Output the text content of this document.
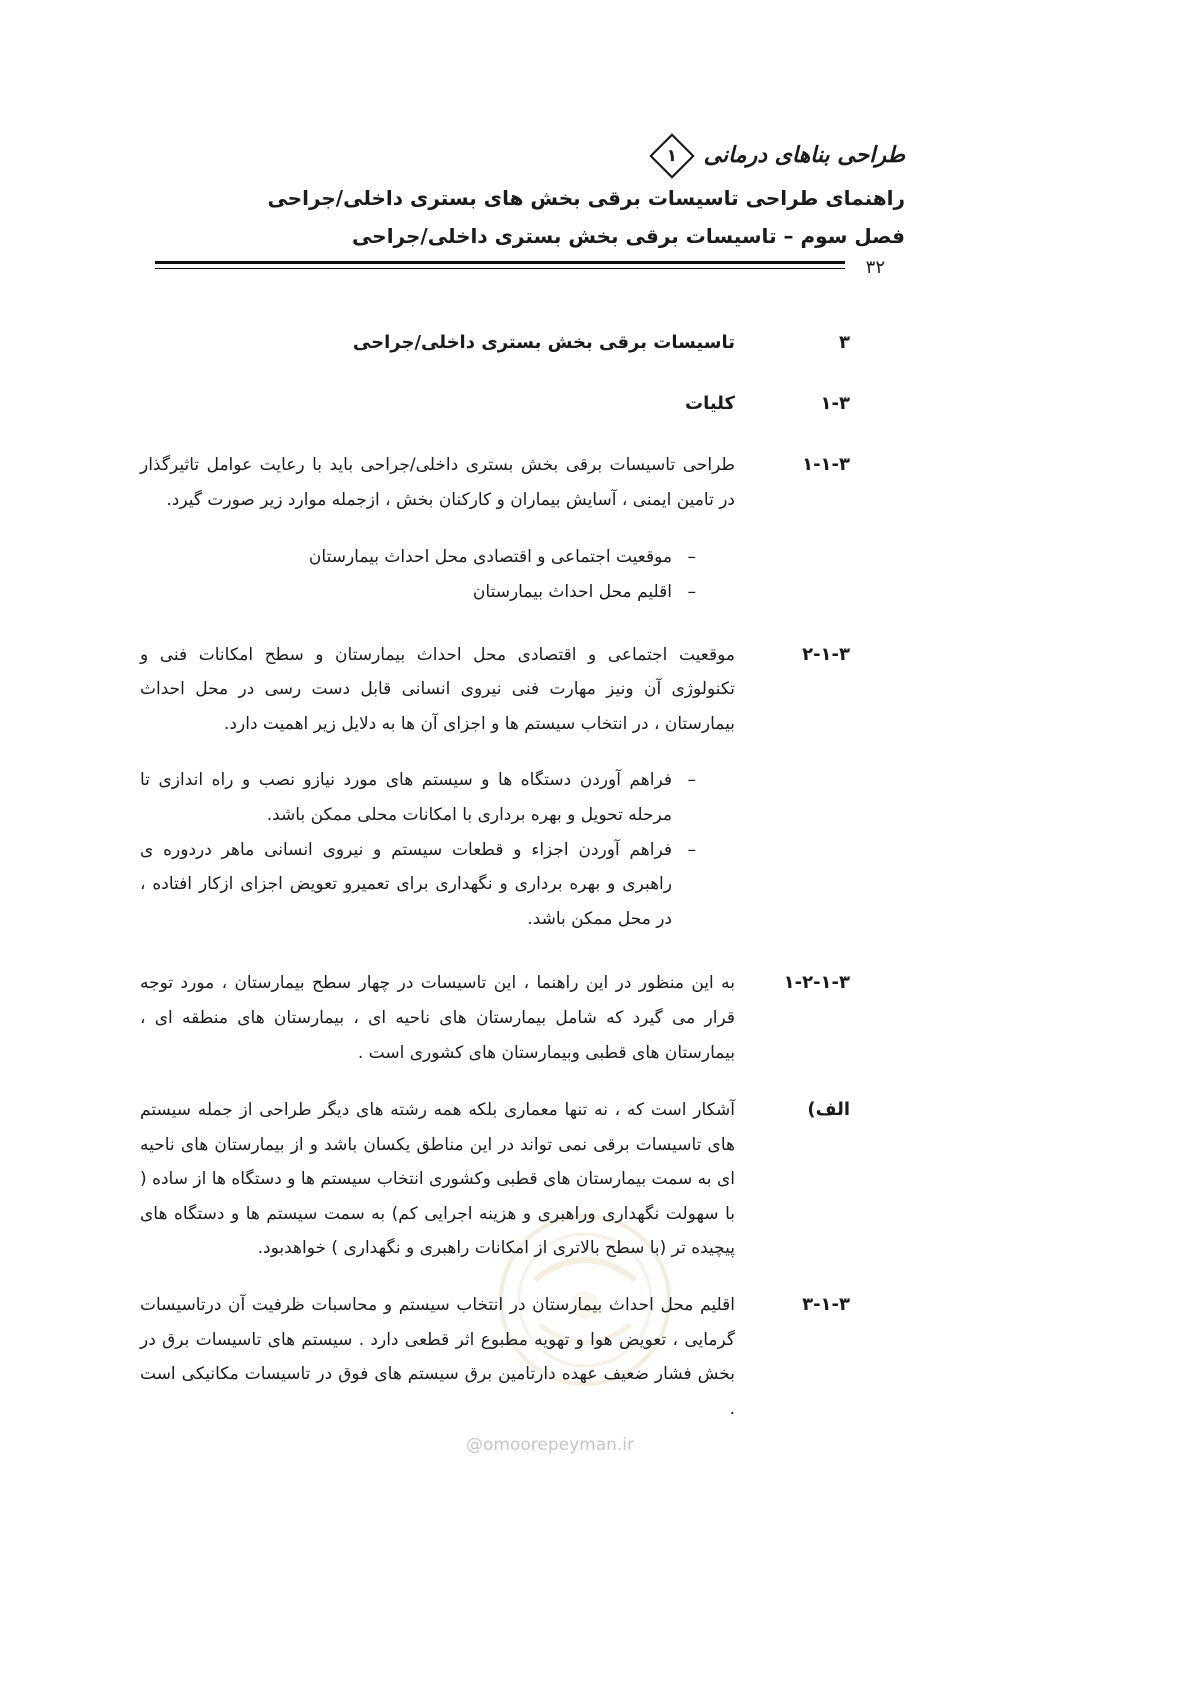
طراحی بناهای درمانی
۱
راهنمای طراحی تاسیسات برقی بخش های بستری داخلی/جراحی
فصل سوم – تاسیسات برقی بخش بستری داخلی/جراحی
۳۲
@omoorepeyman.ir
۳
تاسیسات برقی بخش بستری داخلی/جراحی
۳-۱
کلیات
۳-۱-۱
طراحی تاسیسات برقی بخش بستری داخلی/جراحی باید با رعایت عوامل تاثیرگذار در تامین ایمنی ، آسایش بیماران و کارکنان بخش ، ازجمله موارد زیر صورت گیرد.
–
موقعیت اجتماعی و اقتصادی محل احداث بیمارستان
–
اقلیم محل احداث بیمارستان
۳-۱-۲
موقعیت اجتماعی و اقتصادی محل احداث بیمارستان و سطح امکانات فنی و تکنولوژی آن ونیز مهارت فنی نیروی انسانی قابل دست رسی در محل احداث بیمارستان ، در انتخاب سیستم ها و اجزای آن ها به دلایل زیر اهمیت دارد.
–
فراهم آوردن دستگاه ها و سیستم های مورد نیازو نصب و راه اندازی تا مرحله تحویل و بهره برداری با امکانات محلی ممکن باشد.
–
فراهم آوردن اجزاء و قطعات سیستم و نیروی انسانی ماهر دردوره ی راهبری و بهره برداری و نگهداری برای تعمیرو تعویض اجزای ازکار افتاده ، در محل ممکن باشد.
۳-۱-۲-۱
به این منظور در این راهنما ، این تاسیسات در چهار سطح بیمارستان ، مورد توجه قرار می گیرد که شامل بیمارستان های ناحیه ای ، بیمارستان های منطقه ای ، بیمارستان های قطبی وبیمارستان های کشوری است .
الف)
آشکار است که ، نه تنها معماری بلکه همه رشته های دیگر طراحی از جمله سیستم های تاسیسات برقی نمی تواند در این مناطق یکسان باشد و از بیمارستان های ناحیه ای به سمت بیمارستان های قطبی وکشوری انتخاب سیستم ها و دستگاه ها از ساده ( با سهولت نگهداری وراهبری و هزینه اجرایی کم) به سمت سیستم ها و دستگاه های پیچیده تر (با سطح بالاتری از امکانات راهبری و نگهداری ) خواهدبود.
۳-۱-۳
اقلیم محل احداث بیمارستان در انتخاب سیستم و محاسبات ظرفیت آن درتاسیسات گرمایی ، تعویض هوا و تهویه مطبوع اثر قطعی دارد . سیستم های تاسیسات برق در بخش فشار ضعیف عهده دارتامین برق سیستم های فوق در تاسیسات مکانیکی است .
